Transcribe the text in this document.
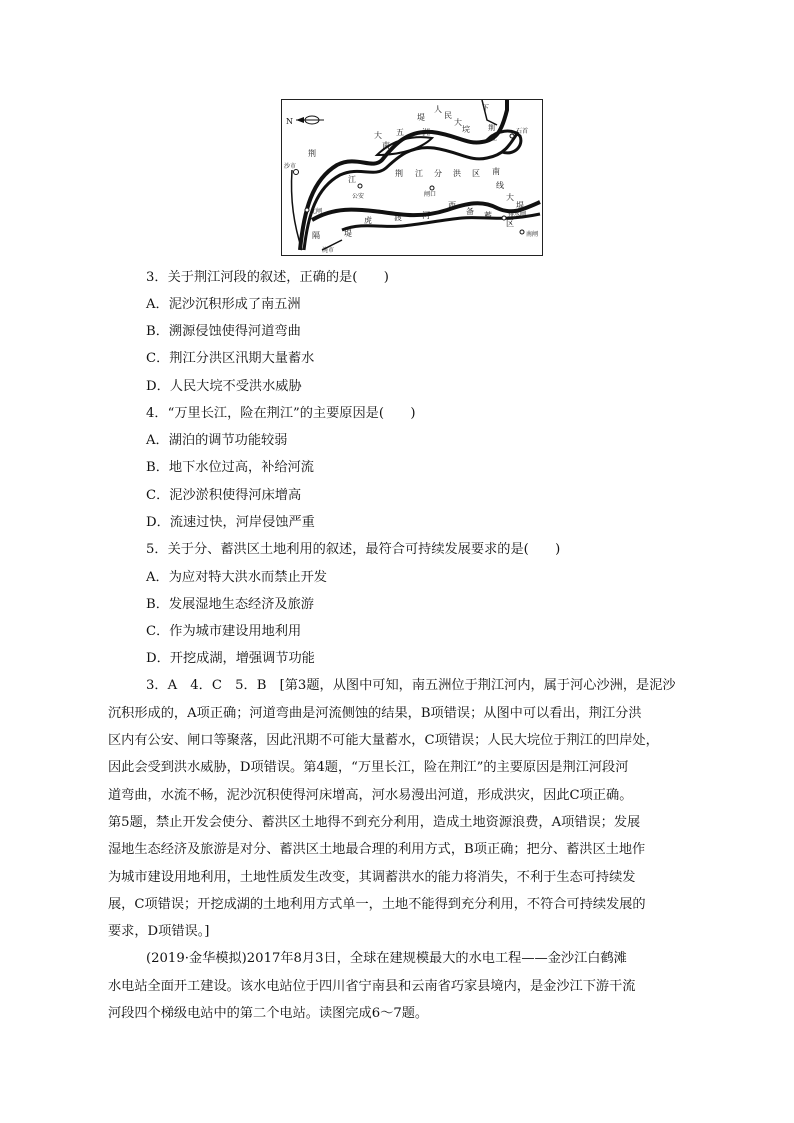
N
人
民
大
垸
下
石首
堤
荆
江
大 五 洲
南
沙市
荆
江
荆 江 分 洪 区 南
线
大
堤
公安	闸口
北闸
虎	渡	河
西
备 蓄
区
排水闸
南闸
堤
隔
涴市
3．关于荆江河段的叙述，正确的是(　　)
A．泥沙沉积形成了南五洲
B．溯源侵蚀使得河道弯曲
C．荆江分洪区汛期大量蓄水
D．人民大垸不受洪水威胁
4．“万里长江，险在荆江”的主要原因是(　　)
A．湖泊的调节功能较弱
B．地下水位过高，补给河流
C．泥沙淤积使得河床增高
D．流速过快，河岸侵蚀严重
5．关于分、蓄洪区土地利用的叙述，最符合可持续发展要求的是(　　)
A．为应对特大洪水而禁止开发
B．发展湿地生态经济及旅游
C．作为城市建设用地利用
D．开挖成湖，增强调节功能
3．A　4．C　5．B　[第3题，从图中可知，南五洲位于荆江河内，属于河心沙洲，是泥沙
沉积形成的，A项正确；河道弯曲是河流侧蚀的结果，B项错误；从图中可以看出，荆江分洪
区内有公安、闸口等聚落，因此汛期不可能大量蓄水，C项错误；人民大垸位于荆江的凹岸处，
因此会受到洪水威胁，D项错误。第4题，“万里长江，险在荆江”的主要原因是荆江河段河
道弯曲，水流不畅，泥沙沉积使得河床增高，河水易漫出河道，形成洪灾，因此C项正确。
第5题，禁止开发会使分、蓄洪区土地得不到充分利用，造成土地资源浪费，A项错误；发展
湿地生态经济及旅游是对分、蓄洪区土地最合理的利用方式，B项正确；把分、蓄洪区土地作
为城市建设用地利用，土地性质发生改变，其调蓄洪水的能力将消失，不利于生态可持续发
展，C项错误；开挖成湖的土地利用方式单一，土地不能得到充分利用，不符合可持续发展的
要求，D项错误。]
(2019·金华模拟)2017年8月3日，全球在建规模最大的水电工程——金沙江白鹤滩
水电站全面开工建设。该水电站位于四川省宁南县和云南省巧家县境内，是金沙江下游干流
河段四个梯级电站中的第二个电站。读图完成6～7题。
